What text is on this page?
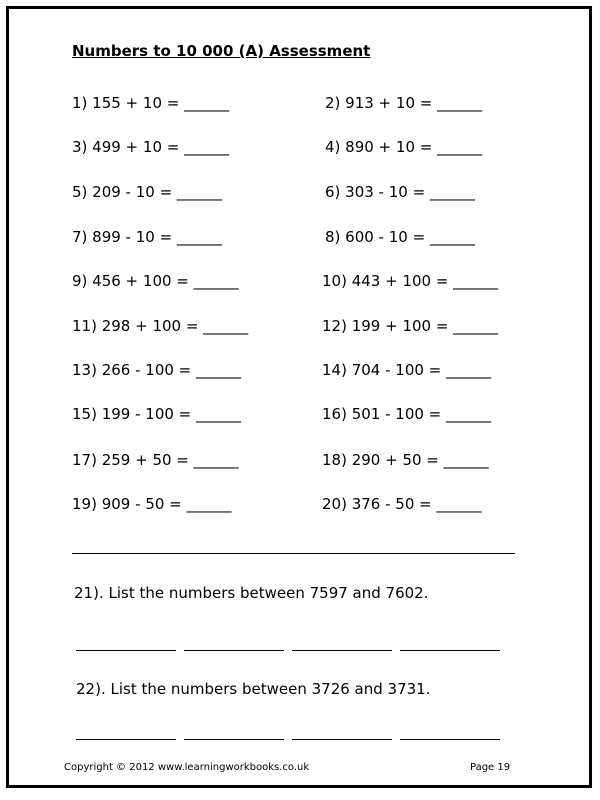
Numbers to 10 000 (A) Assessment
1) 155 + 10 = ______
3) 499 + 10 = ______
5) 209 - 10 = ______
7) 899 - 10 = ______
9) 456 + 100 = ______
11) 298 + 100 = ______
13) 266 - 100 = ______
15) 199 - 100 = ______
17) 259 + 50 = ______
19) 909 - 50 = ______
2) 913 + 10 = ______
4) 890 + 10 = ______
6) 303 - 10 = ______
8) 600 - 10 = ______
10) 443 + 100 = ______
12) 199 + 100 = ______
14) 704 - 100 = ______
16) 501 - 100 = ______
18) 290 + 50 = ______
20) 376 - 50 = ______
21). List the numbers between 7597 and 7602.
22). List the numbers between 3726 and 3731.
Copyright © 2012 www.learningworkbooks.co.uk	Page 19
